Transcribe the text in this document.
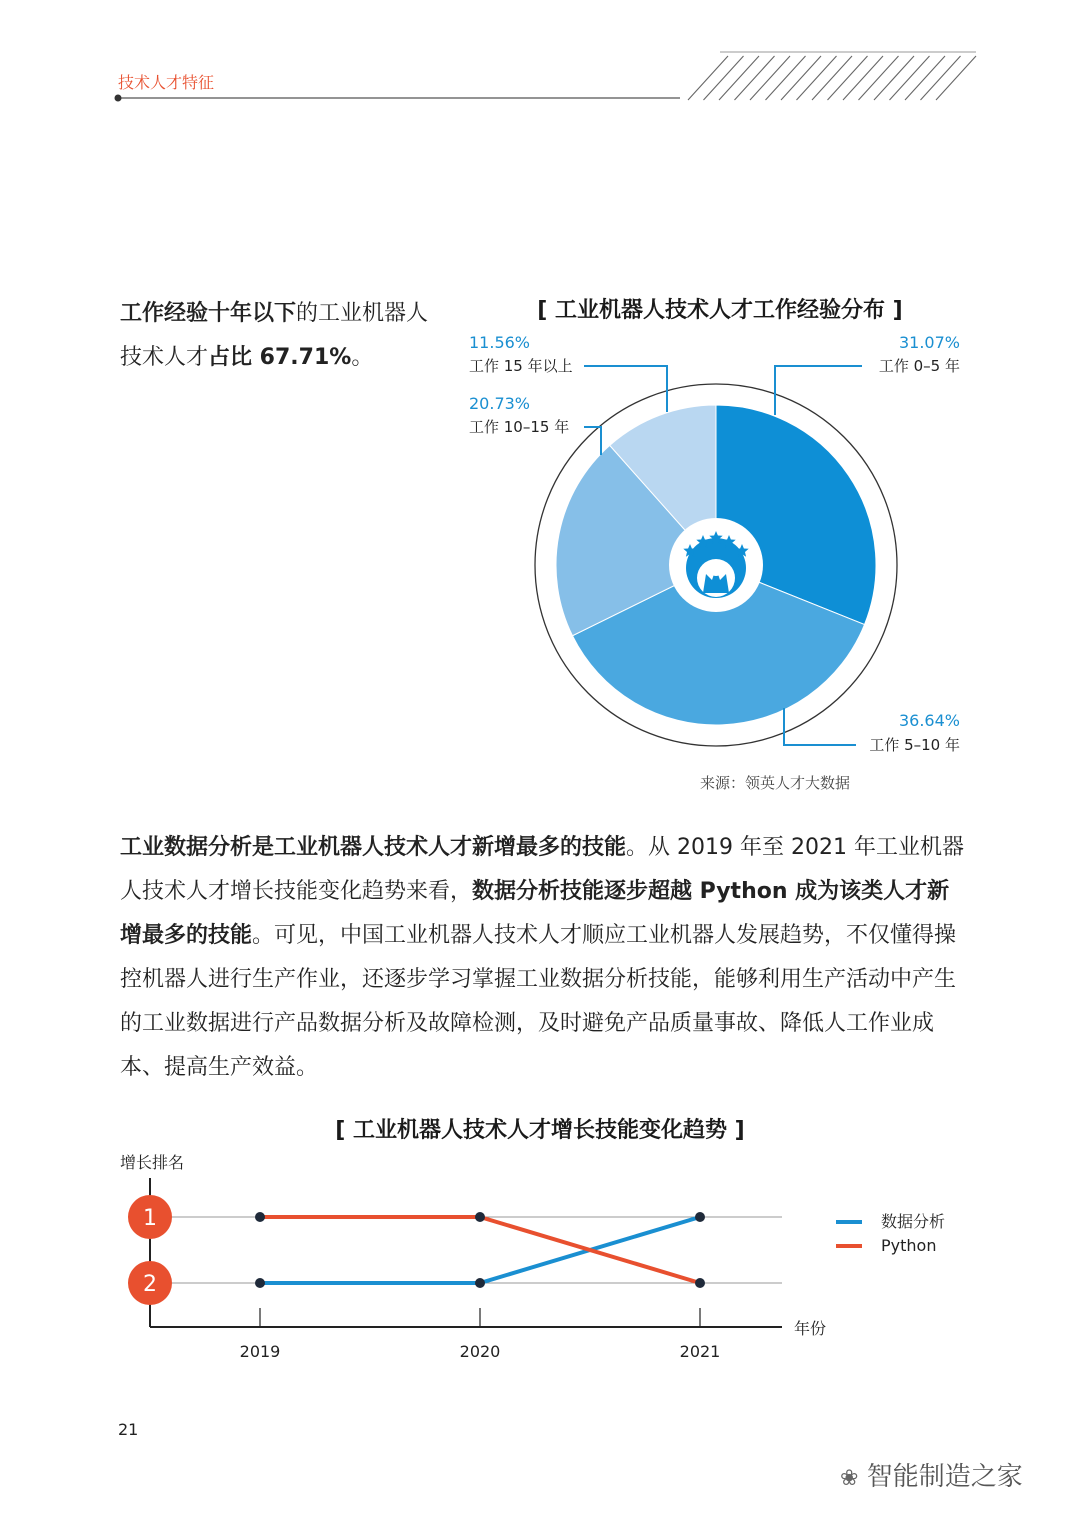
技术人才特征
工作经验十年以下的工业机器人技术人才占比 67.71%。
[ 工业机器人技术人才工作经验分布 ]
11.56%
工作 15 年以上
20.73%
工作 10–15 年
31.07%
工作 0–5 年
36.64%
工作 5–10 年
来源：领英人才大数据
工业数据分析是工业机器人技术人才新增最多的技能。从 2019 年至 2021 年工业机器人技术人才增长技能变化趋势来看，数据分析技能逐步超越 Python 成为该类人才新增最多的技能。可见，中国工业机器人技术人才顺应工业机器人发展趋势，不仅懂得操控机器人进行生产作业，还逐步学习掌握工业数据分析技能，能够利用生产活动中产生的工业数据进行产品数据分析及故障检测，及时避免产品质量事故、降低人工作业成本、提高生产效益。
[ 工业机器人技术人才增长技能变化趋势 ]
增长排名
年份
1
2
2019	2020	2021
数据分析
Python
21
❀ 智能制造之家
